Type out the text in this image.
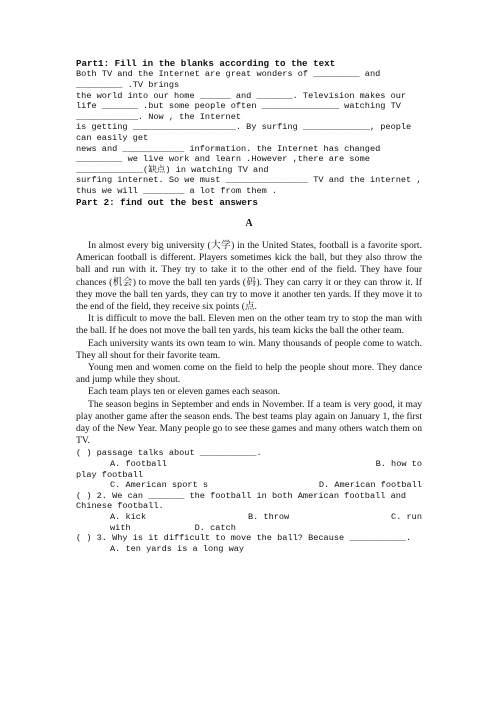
Part1: Fill in the blanks according to the text

Both TV and the Internet are great wonders of _________ and _________ .TV brings

the world into our home ______ and _______. Television makes our life _______ .but some people often _______________ watching TV ____________. Now , the Internet

is getting ____________________. By surfing _____________, people can easily get

news and ____________ information. the Internet has changed _________ we live work and learn .However ,there are some _____________(缺点) in watching TV and

surfing internet. So we must ________________ TV and the internet , thus we will ________ a lot from them .

Part 2: find out the best answers

A

In almost every big university (大学) in the United States, football is a favorite sport. American football is different. Players sometimes kick the ball, but they also throw the ball and run with it. They try to take it to the other end of the field. They have four chances (机会) to move the ball ten yards (码). They can carry it or they can throw it. If they move the ball ten yards, they can try to move it another ten yards. If they move it to the end of the field, they receive six points (点.

It is difficult to move the ball. Eleven men on the other team try to stop the man with the ball. If he does not move the ball ten yards, his team kicks the ball the other team.

Each university wants its own team to win. Many thousands of people come to watch. They all shout for their favorite team.

Young men and women come on the field to help the people shout more. They dance and jump while they shout.

Each team plays ten or eleven games each season.

The season begins in September and ends in November. If a team is very good, it may play another game after the season ends. The best teams play again on January 1, the first day of the New Year. Many people go to see these games and many others watch them on TV.

( ) passage talks about ___________.

A. football	B. how to

play football

C. American sport s	D. American football

( ) 2. We can _______ the football in both American football and Chinese football.

A. kick	B. throw	C. run
with	D. catch

( ) 3. Why is it difficult to move the ball? Because ___________.

A. ten yards is a long way
